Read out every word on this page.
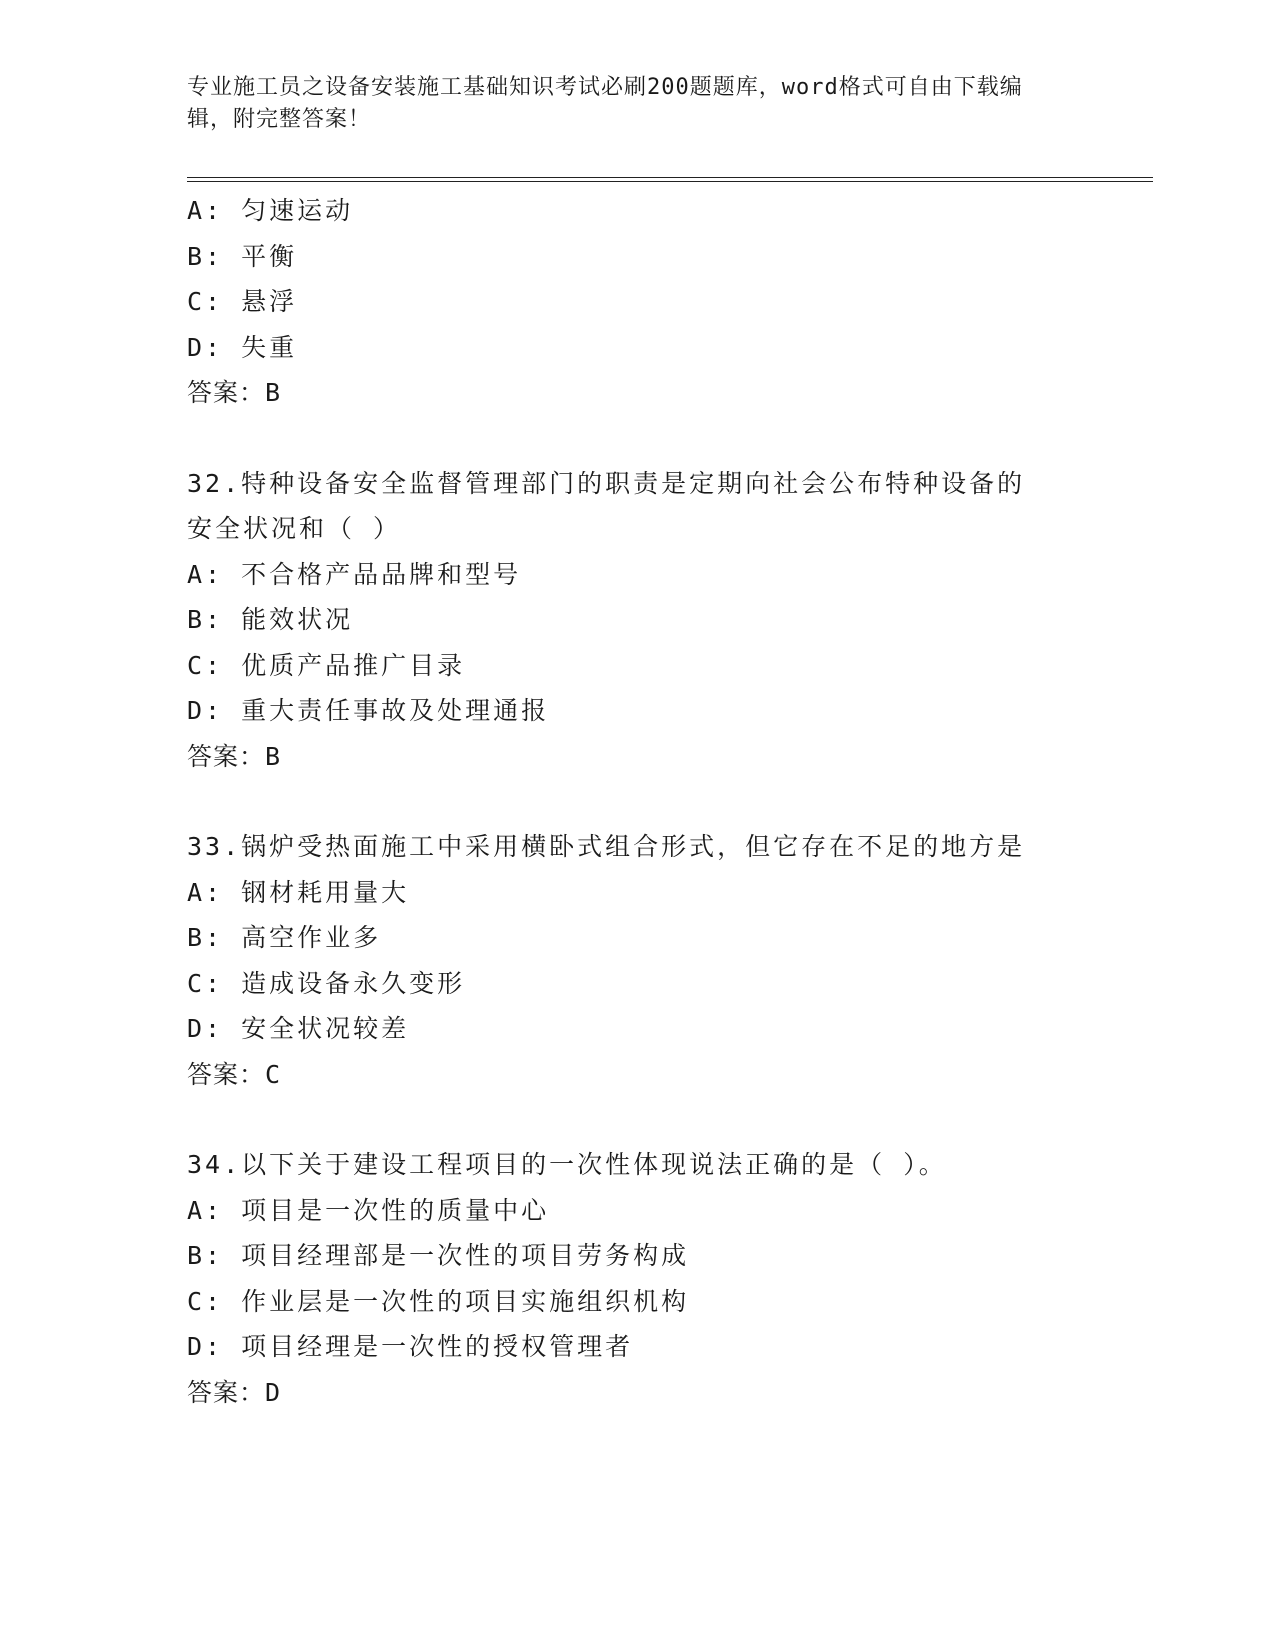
专业施工员之设备安装施工基础知识考试必刷200题题库，word格式可自由下载编辑，附完整答案！
A: 匀速运动
B: 平衡
C: 悬浮
D: 失重
答案：B
32.特种设备安全监督管理部门的职责是定期向社会公布特种设备的安全状况和（ ）
A: 不合格产品品牌和型号
B: 能效状况
C: 优质产品推广目录
D: 重大责任事故及处理通报
答案：B
33.锅炉受热面施工中采用横卧式组合形式，但它存在不足的地方是
A: 钢材耗用量大
B: 高空作业多
C: 造成设备永久变形
D: 安全状况较差
答案：C
34.以下关于建设工程项目的一次性体现说法正确的是（ ）。
A: 项目是一次性的质量中心
B: 项目经理部是一次性的项目劳务构成
C: 作业层是一次性的项目实施组织机构
D: 项目经理是一次性的授权管理者
答案：D
